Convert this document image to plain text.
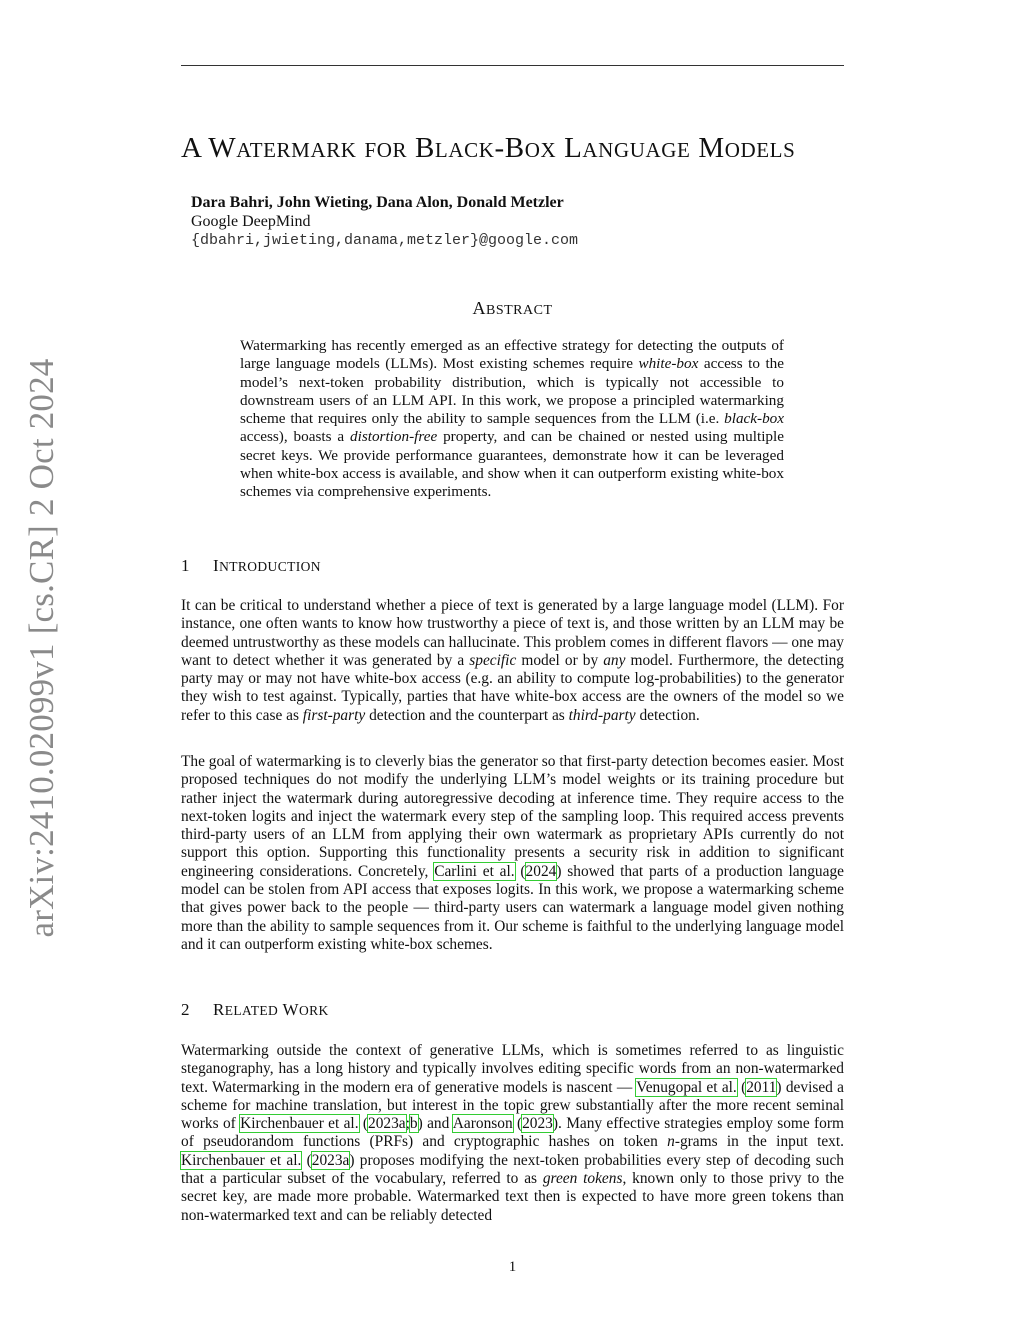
arXiv:2410.02099v1 [cs.CR] 2 Oct 2024
A WATERMARK FOR BLACK-BOX LANGUAGE MODELS
Dara Bahri, John Wieting, Dana Alon, Donald Metzler
Google DeepMind
{dbahri,jwieting,danama,metzler}@google.com
ABSTRACT

Watermarking has recently emerged as an effective strategy for detecting the outputs of large language models (LLMs). Most existing schemes require white-box access to the model’s next-token probability distribution, which is typically not accessible to downstream users of an LLM API. In this work, we propose a principled watermarking scheme that requires only the ability to sample sequences from the LLM (i.e. black-box access), boasts a distortion-free property, and can be chained or nested using multiple secret keys. We provide performance guarantees, demonstrate how it can be leveraged when white-box access is available, and show when it can outperform existing white-box schemes via comprehensive experiments.

1 INTRODUCTION

It can be critical to understand whether a piece of text is generated by a large language model (LLM). For instance, one often wants to know how trustworthy a piece of text is, and those written by an LLM may be deemed untrustworthy as these models can hallucinate. This problem comes in different flavors — one may want to detect whether it was generated by a specific model or by any model. Furthermore, the detecting party may or may not have white-box access (e.g. an ability to compute log-probabilities) to the generator they wish to test against. Typically, parties that have white-box access are the owners of the model so we refer to this case as first-party detection and the counterpart as third-party detection.

The goal of watermarking is to cleverly bias the generator so that first-party detection becomes easier. Most proposed techniques do not modify the underlying LLM’s model weights or its training procedure but rather inject the watermark during autoregressive decoding at inference time. They require access to the next-token logits and inject the watermark every step of the sampling loop. This required access prevents third-party users of an LLM from applying their own watermark as proprietary APIs currently do not support this option. Supporting this functionality presents a security risk in addition to significant engineering considerations. Concretely, Carlini et al. (2024) showed that parts of a production language model can be stolen from API access that exposes logits. In this work, we propose a watermarking scheme that gives power back to the people — third-party users can watermark a language model given nothing more than the ability to sample sequences from it. Our scheme is faithful to the underlying language model and it can outperform existing white-box schemes.

2 RELATED WORK

Watermarking outside the context of generative LLMs, which is sometimes referred to as linguistic steganography, has a long history and typically involves editing specific words from an non-watermarked text. Watermarking in the modern era of generative models is nascent — Venugopal et al. (2011) devised a scheme for machine translation, but interest in the topic grew substantially after the more recent seminal works of Kirchenbauer et al. (2023a;b) and Aaronson (2023). Many effective strategies employ some form of pseudorandom functions (PRFs) and cryptographic hashes on token n-grams in the input text. Kirchenbauer et al. (2023a) proposes modifying the next-token probabilities every step of decoding such that a particular subset of the vocabulary, referred to as green tokens, known only to those privy to the secret key, are made more probable. Watermarked text then is expected to have more green tokens than non-watermarked text and can be reliably detected

1
